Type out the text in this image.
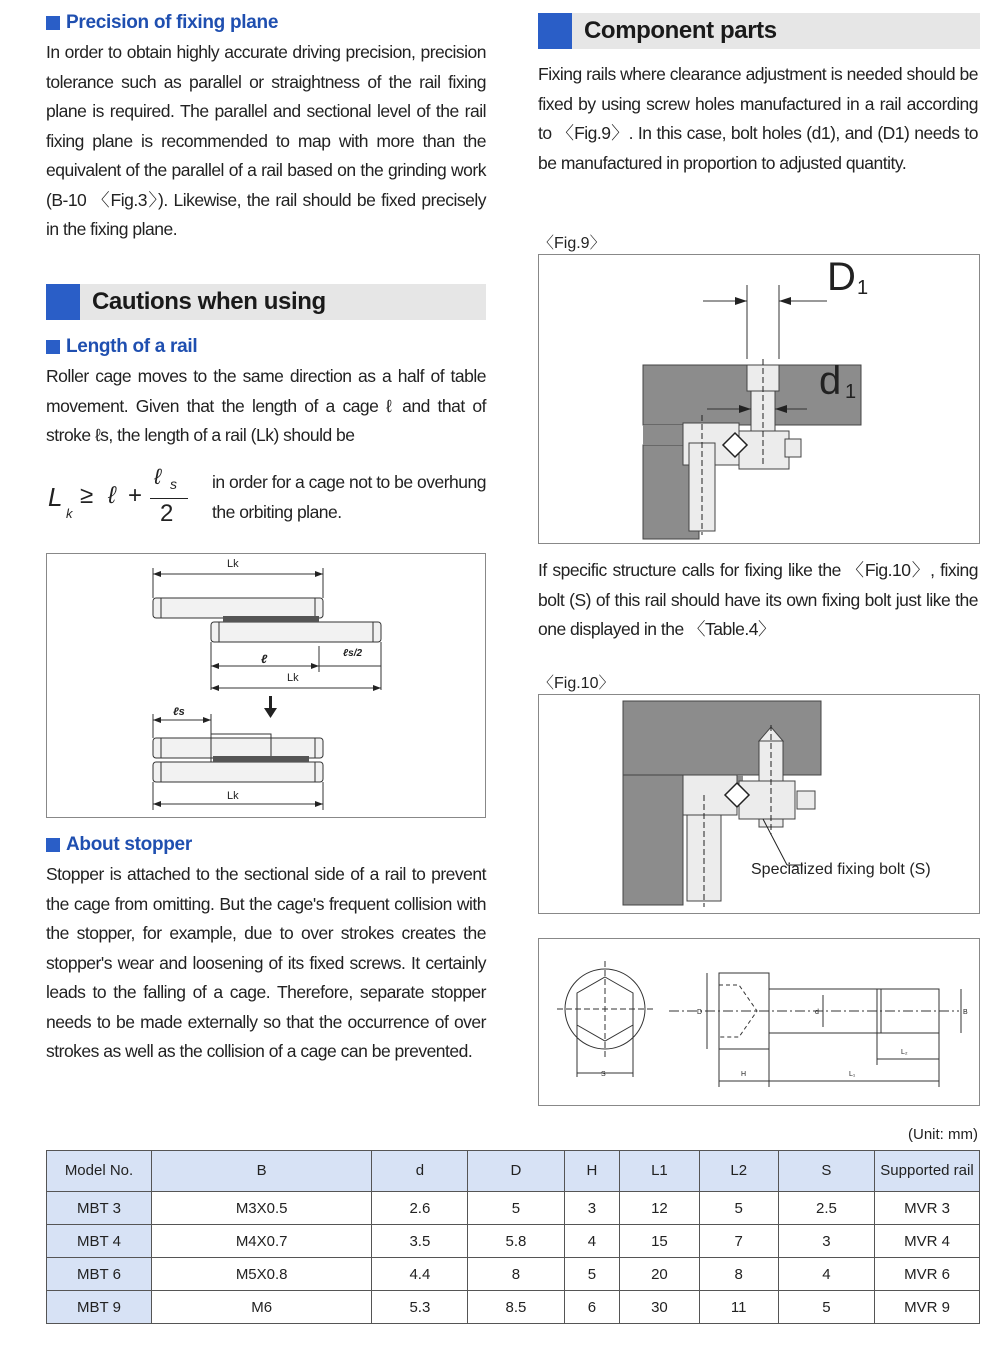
Precision of fixing plane

In order to obtain highly accurate driving precision, precision tolerance such as parallel or straightness of the rail fixing plane is required. The parallel and sectional level of the rail fixing plane is recommended to map with more than the equivalent of the parallel of a rail based on the grinding work (B-10 〈Fig.3〉). Likewise, the rail should be fixed precisely in the fixing plane.

Cautions when using
Length of a rail

Roller cage moves to the same direction as a half of table movement. Given that the length of a cage ℓ and that of stroke ℓs, the length of a rail (Lk) should be

L
k
≥ ℓ +
ℓ s
2

in order for a cage not to be overhung the orbiting plane.

Lk
ℓ	ℓs/2
Lk
ℓs
Lk
About stopper

Stopper is attached to the sectional side of a rail to prevent the cage from omitting. But the cage's frequent collision with the stopper, for example, due to over strokes creates the stopper's wear and loosening of its fixed screws. It certainly leads to the falling of a cage. Therefore, separate stopper needs to be made externally so that the occurrence of over strokes as well as the collision of a cage can be prevented.

Component parts

Fixing rails where clearance adjustment is needed should be fixed by using screw holes manufactured in a rail according to 〈Fig.9〉. In this case, bolt holes (d1), and (D1) needs to be manufactured in proportion to adjusted quantity.

〈Fig.9〉
D 1
d 1

If specific structure calls for fixing like the 〈Fig.10〉, fixing bolt (S) of this rail should have its own fixing bolt just like the one displayed in the 〈Table.4〉

〈Fig.10〉
Specialized fixing bolt (S)
S
D	d	B
H
L₂
L₁
(Unit: mm)
Model No.	B	d	D	H	L1	L2	S	Supported rail
MBT 3	M3X0.5	2.6	5	3	12	5	2.5	MVR 3
MBT 4	M4X0.7	3.5	5.8	4	15	7	3	MVR 4
MBT 6	M5X0.8	4.4	8	5	20	8	4	MVR 6
MBT 9	M6	5.3	8.5	6	30	11	5	MVR 9
